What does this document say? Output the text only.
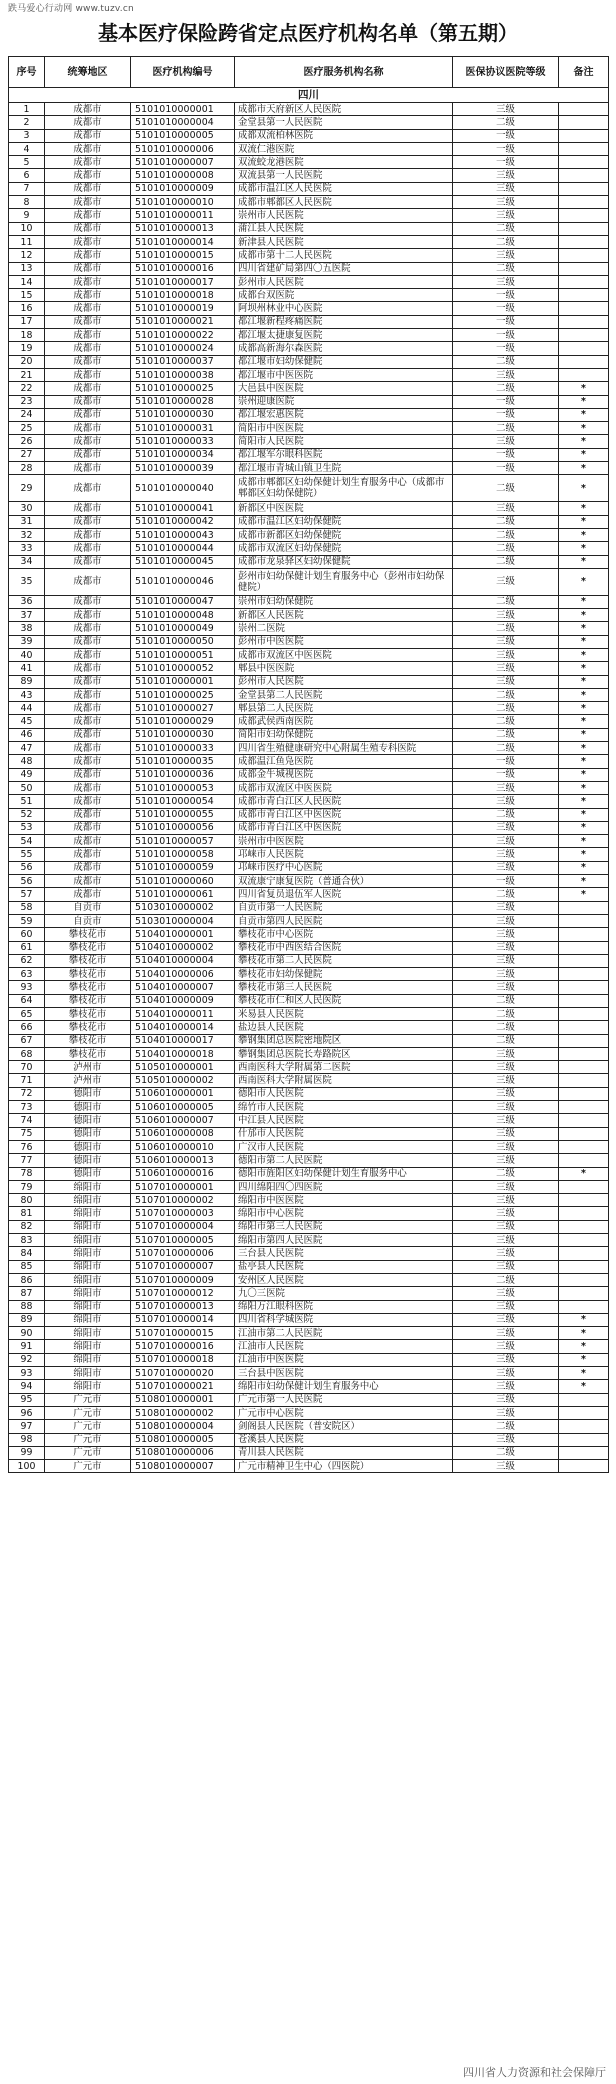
跌马爱心行动网 www.tuzv.cn
基本医疗保险跨省定点医疗机构名单（第五期）
序号	统筹地区	医疗机构编号	医疗服务机构名称	医保协议医院等级	备注
四川					
1	成都市	5101010000001	成都市天府新区人民医院	三级	
2	成都市	5101010000004	金堂县第一人民医院	二级	
3	成都市	5101010000005	成都双流柏林医院	一级	
4	成都市	5101010000006	双流仁港医院	一级	
5	成都市	5101010000007	双流蛟龙港医院	一级	
6	成都市	5101010000008	双流县第一人民医院	三级	
7	成都市	5101010000009	成都市温江区人民医院	三级	
8	成都市	5101010000010	成都市郫都区人民医院	三级	
9	成都市	5101010000011	崇州市人民医院	三级	
10	成都市	5101010000013	蒲江县人民医院	二级	
11	成都市	5101010000014	新津县人民医院	二级	
12	成都市	5101010000015	成都市第十二人民医院	三级	
13	成都市	5101010000016	四川省建矿局第四〇五医院	二级	
14	成都市	5101010000017	彭州市人民医院	三级	
15	成都市	5101010000018	成都台双医院	一级	
16	成都市	5101010000019	阿坝州林业中心医院	一级	
17	成都市	5101010000021	都江堰新程疼痛医院	一级	
18	成都市	5101010000022	都江堰太捷康复医院	一级	
19	成都市	5101010000024	成都高新海尔森医院	一级	
20	成都市	5101010000037	都江堰市妇幼保健院	二级	
21	成都市	5101010000038	都江堰市中医医院	三级	
22	成都市	5101010000025	大邑县中医医院	二级	*
23	成都市	5101010000028	崇州迎康医院	一级	*
24	成都市	5101010000030	都江堰宏惠医院	一级	*
25	成都市	5101010000031	简阳市中医医院	二级	*
26	成都市	5101010000033	简阳市人民医院	三级	*
27	成都市	5101010000034	都江堰军尔眼科医院	一级	*
28	成都市	5101010000039	都江堰市青城山镇卫生院	一级	*
29	成都市	5101010000040	成都市郫都区妇幼保健计划生育服务中心（成都市郫都区妇幼保健院）	二级	*
30	成都市	5101010000041	新都区中医医院	三级	*
31	成都市	5101010000042	成都市温江区妇幼保健院	二级	*
32	成都市	5101010000043	成都市新都区妇幼保健院	二级	*
33	成都市	5101010000044	成都市双流区妇幼保健院	二级	*
34	成都市	5101010000045	成都市龙泉驿区妇幼保健院	二级	*
35	成都市	5101010000046	彭州市妇幼保健计划生育服务中心（彭州市妇幼保健院）	三级	*
36	成都市	5101010000047	崇州市妇幼保健院	二级	*
37	成都市	5101010000048	新都区人民医院	三级	*
38	成都市	5101010000049	崇州二医院	二级	*
39	成都市	5101010000050	彭州市中医医院	三级	*
40	成都市	5101010000051	成都市双流区中医医院	三级	*
41	成都市	5101010000052	郫县中医医院	三级	*
89	成都市	5101010000001	彭州市人民医院	三级	*
43	成都市	5101010000025	金堂县第二人民医院	二级	*
44	成都市	5101010000027	郫县第二人民医院	二级	*
45	成都市	5101010000029	成都武侯西南医院	二级	*
46	成都市	5101010000030	简阳市妇幼保健院	二级	*
47	成都市	5101010000033	四川省生殖健康研究中心附属生殖专科医院	二级	*
48	成都市	5101010000035	成都温江鱼凫医院	一级	*
49	成都市	5101010000036	成都金牛城视医院	一级	*
50	成都市	5101010000053	成都市双流区中医医院	三级	*
51	成都市	5101010000054	成都市青白江区人民医院	三级	*
52	成都市	5101010000055	成都市青白江区中医医院	二级	*
53	成都市	5101010000056	成都市青白江区中医医院	三级	*
54	成都市	5101010000057	崇州市中医医院	三级	*
55	成都市	5101010000058	邛崃市人民医院	三级	*
56	成都市	5101010000059	邛崃市医疗中心医院	三级	*
56	成都市	5101010000060	双流康宁康复医院（普通合伙）	一级	*
57	成都市	5101010000061	四川省复员退伍军人医院	二级	*
58	自贡市	5103010000002	自贡市第一人民医院	三级	
59	自贡市	5103010000004	自贡市第四人民医院	三级	
60	攀枝花市	5104010000001	攀枝花市中心医院	三级	
61	攀枝花市	5104010000002	攀枝花市中西医结合医院	三级	
62	攀枝花市	5104010000004	攀枝花市第二人民医院	三级	
63	攀枝花市	5104010000006	攀枝花市妇幼保健院	三级	
93	攀枝花市	5104010000007	攀枝花市第三人民医院	三级	
64	攀枝花市	5104010000009	攀枝花市仁和区人民医院	二级	
65	攀枝花市	5104010000011	米易县人民医院	二级	
66	攀枝花市	5104010000014	盐边县人民医院	二级	
67	攀枝花市	5104010000017	攀钢集团总医院密地院区	二级	
68	攀枝花市	5104010000018	攀钢集团总医院长寿路院区	三级	
70	泸州市	5105010000001	西南医科大学附属第二医院	三级	
71	泸州市	5105010000002	西南医科大学附属医院	三级	
72	德阳市	5106010000001	德阳市人民医院	三级	
73	德阳市	5106010000005	绵竹市人民医院	三级	
74	德阳市	5106010000007	中江县人民医院	三级	
75	德阳市	5106010000008	什邡市人民医院	三级	
76	德阳市	5106010000010	广汉市人民医院	三级	
77	德阳市	5106010000013	德阳市第二人民医院	三级	
78	德阳市	5106010000016	德阳市旌阳区妇幼保健计划生育服务中心	二级	*
79	绵阳市	5107010000001	四川绵阳四〇四医院	三级	
80	绵阳市	5107010000002	绵阳市中医医院	三级	
81	绵阳市	5107010000003	绵阳市中心医院	三级	
82	绵阳市	5107010000004	绵阳市第三人民医院	三级	
83	绵阳市	5107010000005	绵阳市第四人民医院	三级	
84	绵阳市	5107010000006	三台县人民医院	三级	
85	绵阳市	5107010000007	盐亭县人民医院	三级	
86	绵阳市	5107010000009	安州区人民医院	二级	
87	绵阳市	5107010000012	九〇三医院	三级	
88	绵阳市	5107010000013	绵阳万江眼科医院	三级	
89	绵阳市	5107010000014	四川省科学城医院	三级	*
90	绵阳市	5107010000015	江油市第二人民医院	三级	*
91	绵阳市	5107010000016	江油市人民医院	三级	*
92	绵阳市	5107010000018	江油市中医医院	三级	*
93	绵阳市	5107010000020	三台县中医医院	三级	*
94	绵阳市	5107010000021	绵阳市妇幼保健计划生育服务中心	三级	*
95	广元市	5108010000001	广元市第一人民医院	三级	
96	广元市	5108010000002	广元市中心医院	三级	
97	广元市	5108010000004	剑阁县人民医院（普安院区）	二级	
98	广元市	5108010000005	苍溪县人民医院	三级	
99	广元市	5108010000006	青川县人民医院	二级	
100	广元市	5108010000007	广元市精神卫生中心（四医院）	三级	
四川省人力资源和社会保障厅
